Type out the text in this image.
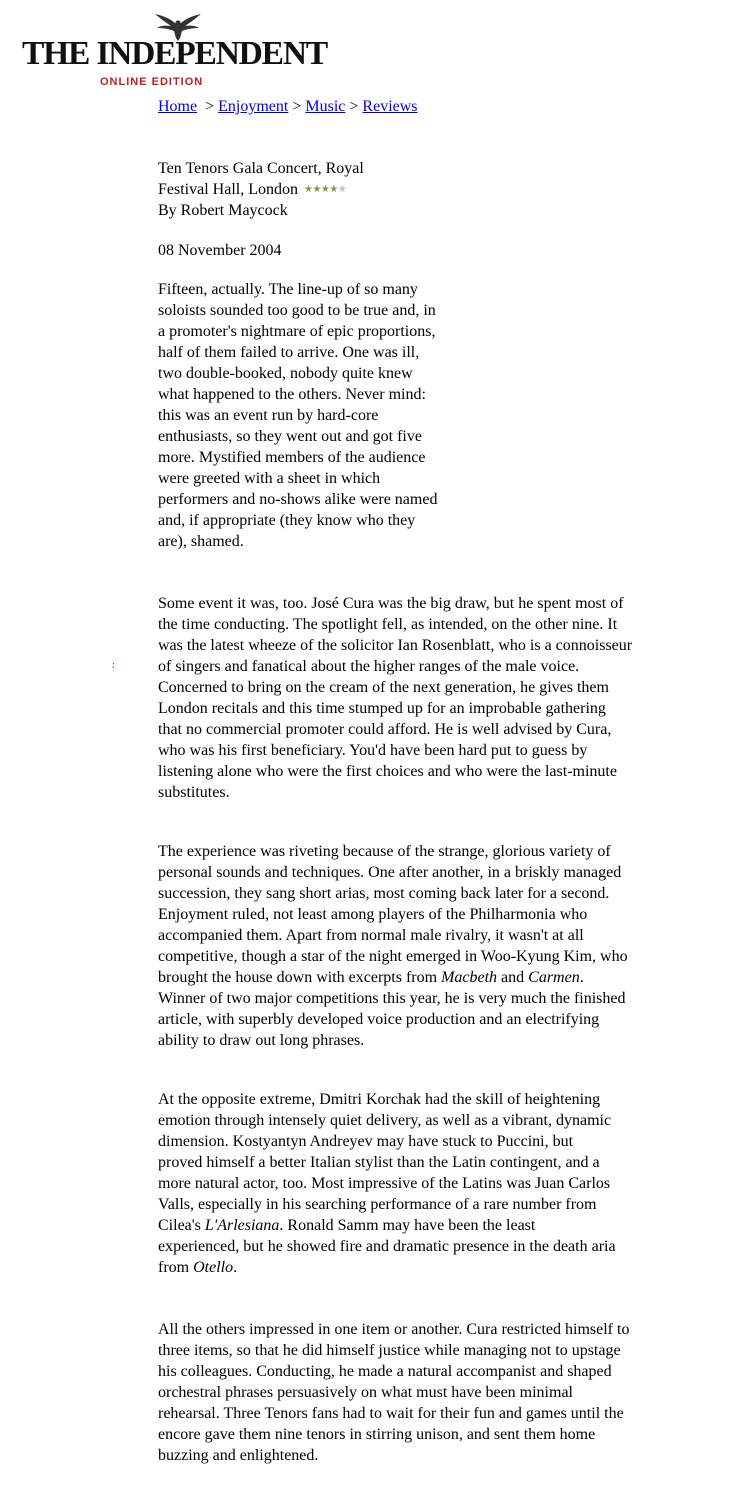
THE INDEPENDENT
ONLINE EDITION
Home > Enjoyment > Music > Reviews
Ten Tenors Gala Concert, Royal
Festival Hall, London ★★★★★
By Robert Maycock
08 November 2004

Fifteen, actually. The line-up of so many soloists sounded too good to be true and, in a promoter's nightmare of epic proportions, half of them failed to arrive. One was ill, two double-booked, nobody quite knew what happened to the others. Never mind: this was an event run by hard-core enthusiasts, so they went out and got five more. Mystified members of the audience were greeted with a sheet in which performers and no-shows alike were named and, if appropriate (they know who they are), shamed.

Some event it was, too. José Cura was the big draw, but he spent most of the time conducting. The spotlight fell, as intended, on the other nine. It was the latest wheeze of the solicitor Ian Rosenblatt, who is a connoisseur of singers and fanatical about the higher ranges of the male voice. Concerned to bring on the cream of the next generation, he gives them London recitals and this time stumped up for an improbable gathering that no commercial promoter could afford. He is well advised by Cura, who was his first beneficiary. You'd have been hard put to guess by listening alone who were the first choices and who were the last-minute substitutes.

The experience was riveting because of the strange, glorious variety of personal sounds and techniques. One after another, in a briskly managed succession, they sang short arias, most coming back later for a second. Enjoyment ruled, not least among players of the Philharmonia who accompanied them. Apart from normal male rivalry, it wasn't at all competitive, though a star of the night emerged in Woo-Kyung Kim, who brought the house down with excerpts from Macbeth and Carmen. Winner of two major competitions this year, he is very much the finished article, with superbly developed voice production and an electrifying ability to draw out long phrases.

At the opposite extreme, Dmitri Korchak had the skill of heightening emotion through intensely quiet delivery, as well as a vibrant, dynamic dimension. Kostyantyn Andreyev may have stuck to Puccini, but proved himself a better Italian stylist than the Latin contingent, and a more natural actor, too. Most impressive of the Latins was Juan Carlos Valls, especially in his searching performance of a rare number from Cilea's L'Arlesiana. Ronald Samm may have been the least experienced, but he showed fire and dramatic presence in the death aria from Otello.

All the others impressed in one item or another. Cura restricted himself to three items, so that he did himself justice while managing not to upstage his colleagues. Conducting, he made a natural accompanist and shaped orchestral phrases persuasively on what must have been minimal rehearsal. Three Tenors fans had to wait for their fun and games until the encore gave them nine tenors in stirring unison, and sent them home buzzing and enlightened.

:
